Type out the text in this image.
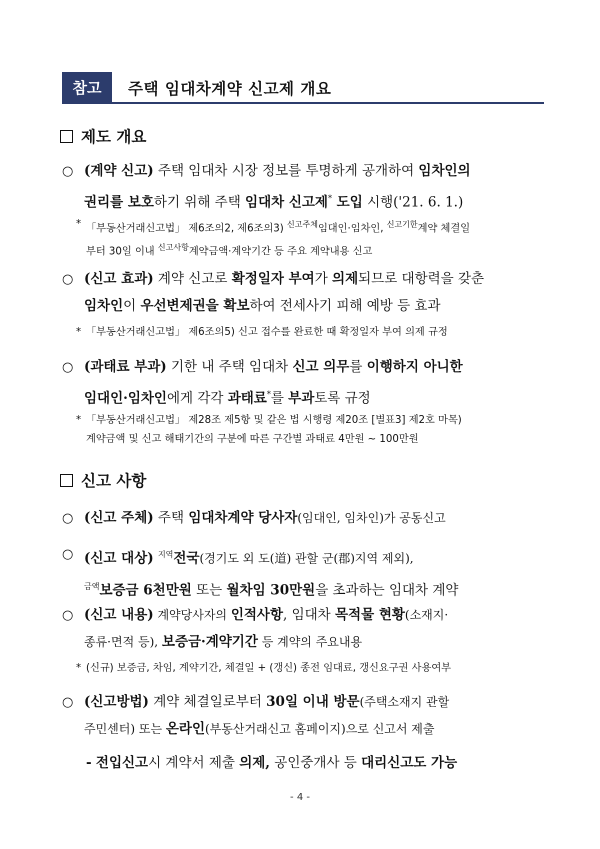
참고	주택 임대차계약 신고제 개요
제도 개요
○ (계약 신고) 주택 임대차 시장 정보를 투명하게 공개하여 임차인의
권리를 보호하기 위해 주택 임대차 신고제* 도입 시행('21. 6. 1.)
* 「부동산거래신고법」 제6조의2, 제6조의3) $^{신고주체}$임대인·임차인, $^{신고기한}$계약 체결일
부터 30일 이내 $^{신고사항}$계약금액·계약기간 등 주요 계약내용 신고
○ (신고 효과) 계약 신고로 확정일자 부여가 의제되므로 대항력을 갖춘
임차인이 우선변제권을 확보하여 전세사기 피해 예방 등 효과
* 「부동산거래신고법」 제6조의5) 신고 접수를 완료한 때 확정일자 부여 의제 규정
○ (과태료 부과) 기한 내 주택 임대차 신고 의무를 이행하지 아니한
임대인·임차인에게 각각 과태료*를 부과토록 규정
* 「부동산거래신고법」 제28조 제5항 및 같은 법 시행령 제20조 [별표3] 제2호 마목)
계약금액 및 신고 해태기간의 구분에 따른 구간별 과태료 4만원 ~ 100만원
신고 사항
○ (신고 주체) 주택 임대차계약 당사자(임대인, 임차인)가 공동신고
○ (신고 대상) $^{지역}$전국(경기도 외 도(道) 관할 군(郡)지역 제외),
$^{금액}$보증금 6천만원 또는 월차임 30만원을 초과하는 임대차 계약
○ (신고 내용) 계약당사자의 인적사항, 임대차 목적물 현황(소재지·
종류·면적 등), 보증금·계약기간 등 계약의 주요내용
* (신규) 보증금, 차임, 계약기간, 체결일 + (갱신) 종전 임대료, 갱신요구권 사용여부
○ (신고방법) 계약 체결일로부터 30일 이내 방문(주택소재지 관할
주민센터) 또는 온라인(부동산거래신고 홈페이지)으로 신고서 제출
- 전입신고시 계약서 제출 의제, 공인중개사 등 대리신고도 가능
- 4 -
